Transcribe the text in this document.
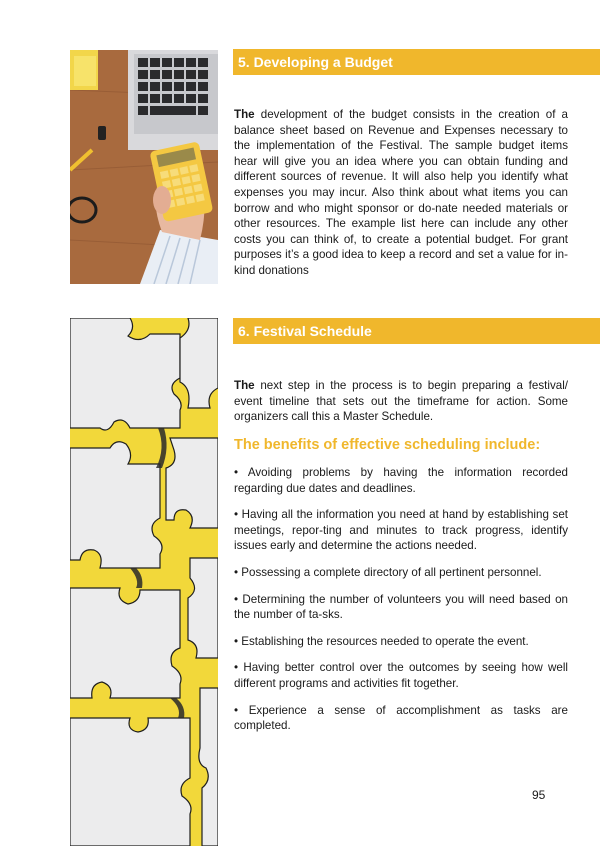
5. Developing a Budget

The development of the budget consists in the creation of a balance sheet based on Revenue and Expenses necessary to the implementation of the Festival. The sample budget items hear will give you an idea where you can obtain funding and different sources of revenue. It will also help you identify what expenses you may incur. Also think about what items you can borrow and who might sponsor or do-nate needed materials or other resources. The example list here can include any other costs you can think of, to create a potential budget. For grant purposes it’s a good idea to keep a record and set a value for in-kind donations

6. Festival Schedule

The next step in the process is to begin preparing a festival/ event timeline that sets out the timeframe for action. Some organizers call this a Master Schedule.

The benefits of effective scheduling include:
• Avoiding problems by having the information recorded regarding due dates and deadlines.
• Having all the information you need at hand by establishing set meetings, repor-ting and minutes to track progress, identify issues early and determine the actions needed.
• Possessing a complete directory of all pertinent personnel.
• Determining the number of volunteers you will need based on the number of ta-sks.
• Establishing the resources needed to operate the event.
• Having better control over the outcomes by seeing how well different programs and activities fit together.
• Experience a sense of accomplishment as tasks are completed.
95
